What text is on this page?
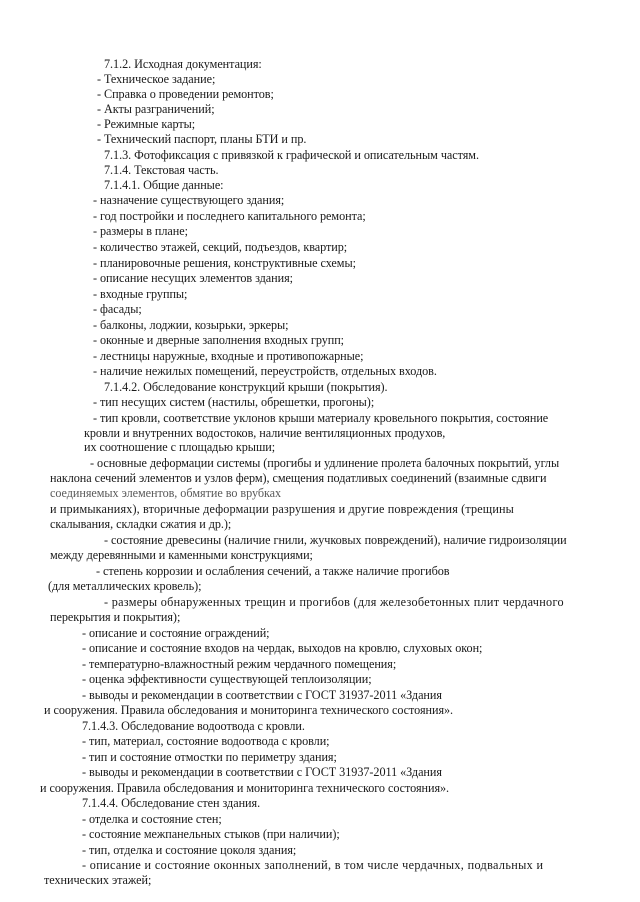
7.1.2. Исходная документация:
- Техническое задание;
- Справка о проведении ремонтов;
- Акты разграничений;
- Режимные карты;
- Технический паспорт, планы БТИ и пр.
7.1.3. Фотофиксация с привязкой к графической и описательным частям.
7.1.4. Текстовая часть.
7.1.4.1. Общие данные:
- назначение существующего здания;
- год постройки и последнего капитального ремонта;
- размеры в плане;
- количество этажей, секций, подъездов, квартир;
- планировочные решения, конструктивные схемы;
- описание несущих элементов здания;
- входные группы;
- фасады;
- балконы, лоджии, козырьки, эркеры;
- оконные и дверные заполнения входных групп;
- лестницы наружные, входные и противопожарные;
- наличие нежилых помещений, переустройств, отдельных входов.
7.1.4.2. Обследование конструкций крыши (покрытия).
- тип несущих систем (настилы, обрешетки, прогоны);
- тип кровли, соответствие уклонов крыши материалу кровельного покрытия, состояние
кровли и внутренних водостоков, наличие вентиляционных продухов,
их соотношение с площадью крыши;
- основные деформации системы (прогибы и удлинение пролета балочных покрытий, углы
наклона сечений элементов и узлов ферм), смещения податливых соединений (взаимные сдвиги
соединяемых элементов, обмятие во врубках
и примыканиях), вторичные деформации разрушения и другие повреждения (трещины
скалывания, складки сжатия и др.);
- состояние древесины (наличие гнили, жучковых повреждений), наличие гидроизоляции
между деревянными и каменными конструкциями;
- степень коррозии и ослабления сечений, а также наличие прогибов
(для металлических кровель);
- размеры обнаруженных трещин и прогибов (для железобетонных плит чердачного
перекрытия и покрытия);
- описание и состояние ограждений;
- описание и состояние входов на чердак, выходов на кровлю, слуховых окон;
- температурно-влажностный режим чердачного помещения;
- оценка эффективности существующей теплоизоляции;
- выводы и рекомендации в соответствии с ГОСТ 31937-2011 «Здания
и сооружения. Правила обследования и мониторинга технического состояния».
7.1.4.3. Обследование водоотвода с кровли.
- тип, материал, состояние водоотвода с кровли;
- тип и состояние отмостки по периметру здания;
- выводы и рекомендации в соответствии с ГОСТ 31937-2011 «Здания
и сооружения. Правила обследования и мониторинга технического состояния».
7.1.4.4. Обследование стен здания.
- отделка и состояние стен;
- состояние межпанельных стыков (при наличии);
- тип, отделка и состояние цоколя здания;
- описание и состояние оконных заполнений, в том числе чердачных, подвальных и
технических этажей;
